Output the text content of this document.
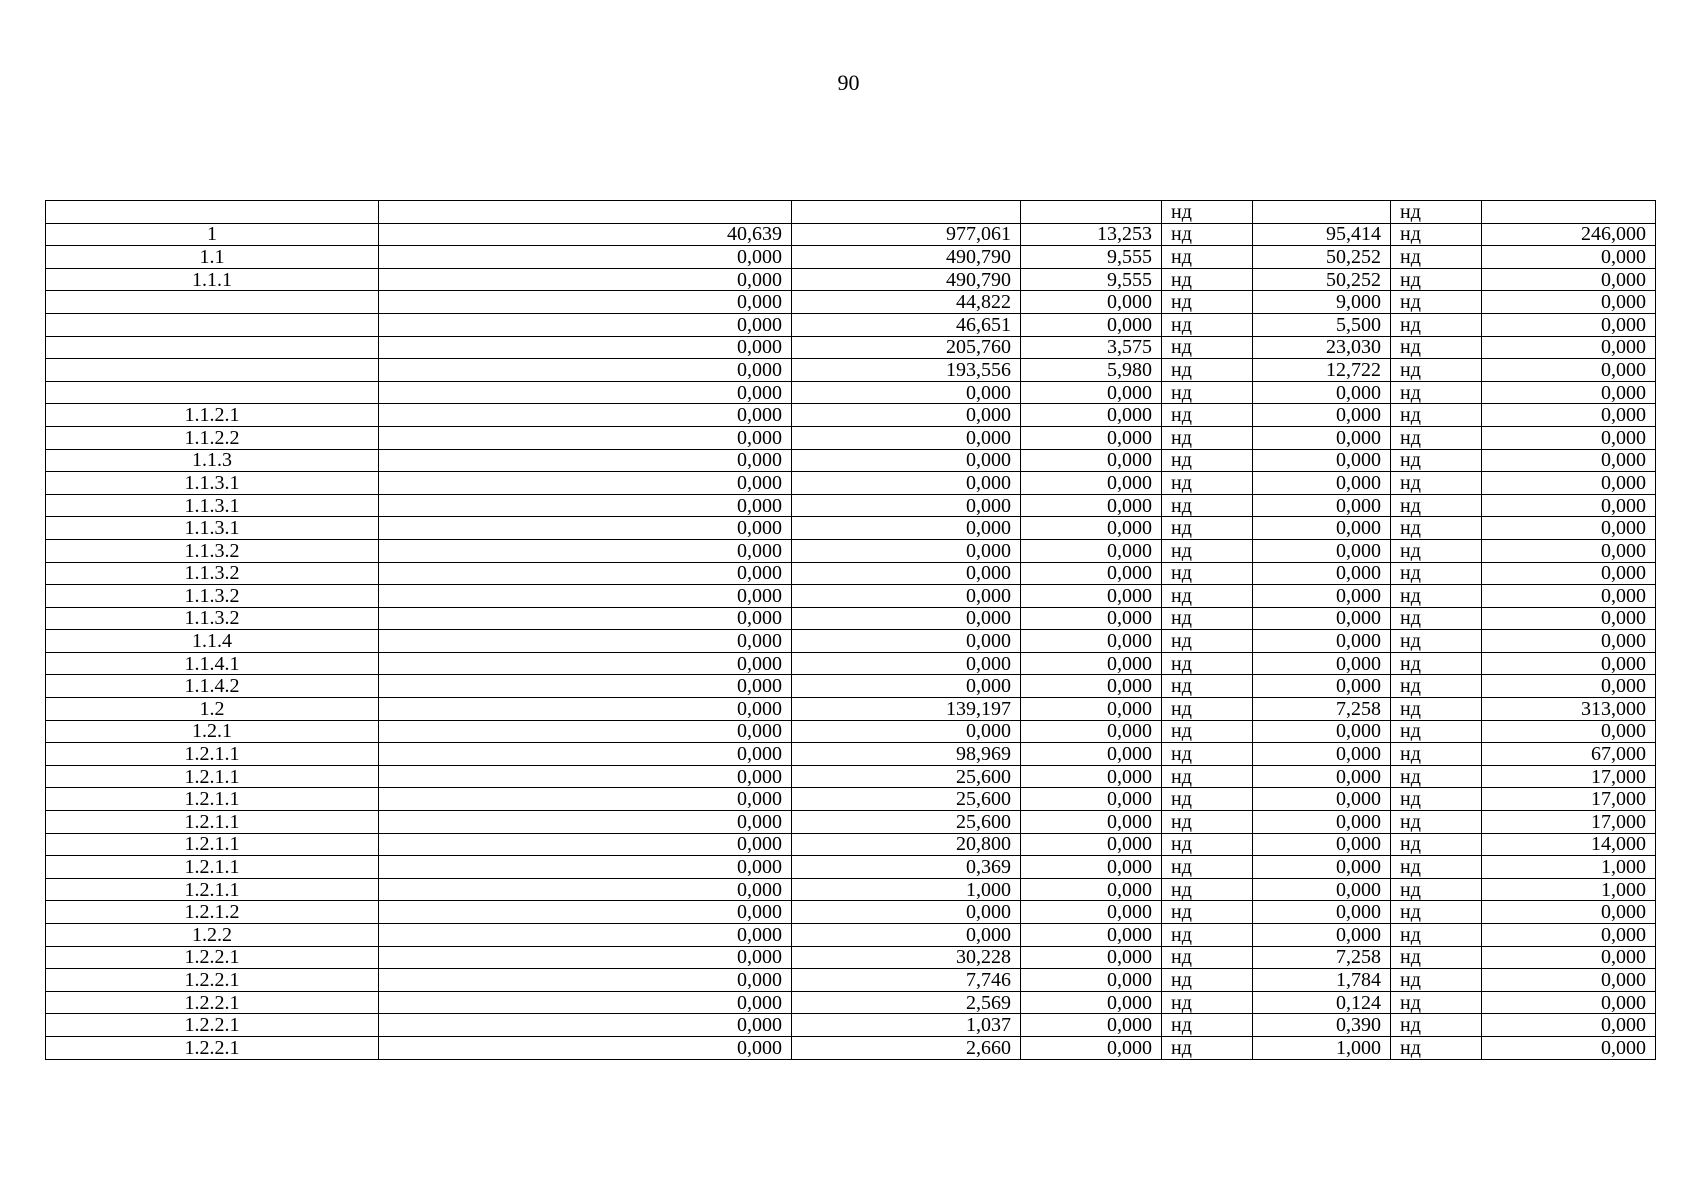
90
				нд		нд	
1	40,639	977,061	13,253	нд	95,414	нд	246,000
1.1	0,000	490,790	9,555	нд	50,252	нд	0,000
1.1.1	0,000	490,790	9,555	нд	50,252	нд	0,000
	0,000	44,822	0,000	нд	9,000	нд	0,000
	0,000	46,651	0,000	нд	5,500	нд	0,000
	0,000	205,760	3,575	нд	23,030	нд	0,000
	0,000	193,556	5,980	нд	12,722	нд	0,000
	0,000	0,000	0,000	нд	0,000	нд	0,000
1.1.2.1	0,000	0,000	0,000	нд	0,000	нд	0,000
1.1.2.2	0,000	0,000	0,000	нд	0,000	нд	0,000
1.1.3	0,000	0,000	0,000	нд	0,000	нд	0,000
1.1.3.1	0,000	0,000	0,000	нд	0,000	нд	0,000
1.1.3.1	0,000	0,000	0,000	нд	0,000	нд	0,000
1.1.3.1	0,000	0,000	0,000	нд	0,000	нд	0,000
1.1.3.2	0,000	0,000	0,000	нд	0,000	нд	0,000
1.1.3.2	0,000	0,000	0,000	нд	0,000	нд	0,000
1.1.3.2	0,000	0,000	0,000	нд	0,000	нд	0,000
1.1.3.2	0,000	0,000	0,000	нд	0,000	нд	0,000
1.1.4	0,000	0,000	0,000	нд	0,000	нд	0,000
1.1.4.1	0,000	0,000	0,000	нд	0,000	нд	0,000
1.1.4.2	0,000	0,000	0,000	нд	0,000	нд	0,000
1.2	0,000	139,197	0,000	нд	7,258	нд	313,000
1.2.1	0,000	0,000	0,000	нд	0,000	нд	0,000
1.2.1.1	0,000	98,969	0,000	нд	0,000	нд	67,000
1.2.1.1	0,000	25,600	0,000	нд	0,000	нд	17,000
1.2.1.1	0,000	25,600	0,000	нд	0,000	нд	17,000
1.2.1.1	0,000	25,600	0,000	нд	0,000	нд	17,000
1.2.1.1	0,000	20,800	0,000	нд	0,000	нд	14,000
1.2.1.1	0,000	0,369	0,000	нд	0,000	нд	1,000
1.2.1.1	0,000	1,000	0,000	нд	0,000	нд	1,000
1.2.1.2	0,000	0,000	0,000	нд	0,000	нд	0,000
1.2.2	0,000	0,000	0,000	нд	0,000	нд	0,000
1.2.2.1	0,000	30,228	0,000	нд	7,258	нд	0,000
1.2.2.1	0,000	7,746	0,000	нд	1,784	нд	0,000
1.2.2.1	0,000	2,569	0,000	нд	0,124	нд	0,000
1.2.2.1	0,000	1,037	0,000	нд	0,390	нд	0,000
1.2.2.1	0,000	2,660	0,000	нд	1,000	нд	0,000
